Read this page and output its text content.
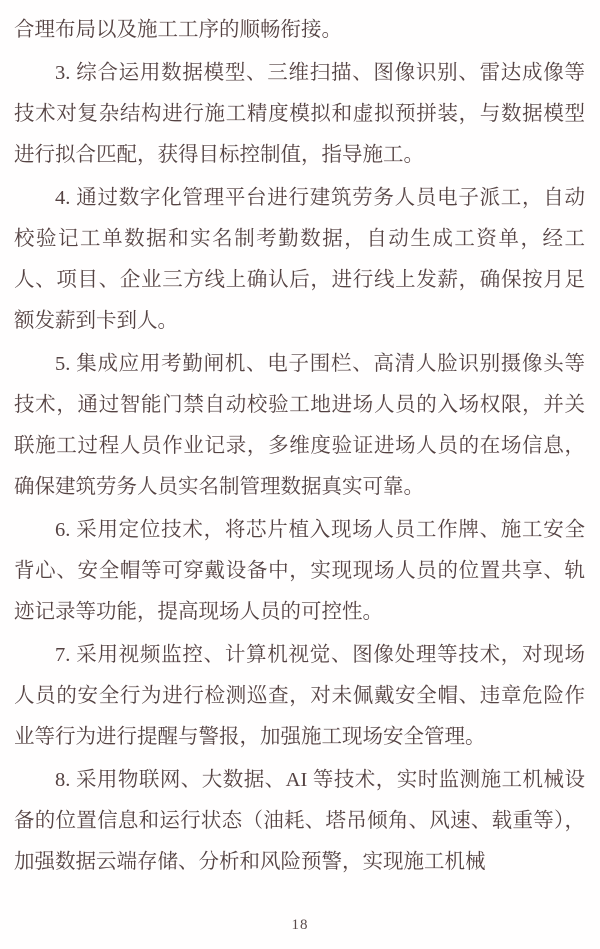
合理布局以及施工工序的顺畅衔接。

3. 综合运用数据模型、三维扫描、图像识别、雷达成像等技术对复杂结构进行施工精度模拟和虚拟预拼装，与数据模型进行拟合匹配，获得目标控制值，指导施工。

4. 通过数字化管理平台进行建筑劳务人员电子派工，自动校验记工单数据和实名制考勤数据，自动生成工资单，经工人、项目、企业三方线上确认后，进行线上发薪，确保按月足额发薪到卡到人。

5. 集成应用考勤闸机、电子围栏、高清人脸识别摄像头等技术，通过智能门禁自动校验工地进场人员的入场权限，并关联施工过程人员作业记录，多维度验证进场人员的在场信息，确保建筑劳务人员实名制管理数据真实可靠。

6. 采用定位技术，将芯片植入现场人员工作牌、施工安全背心、安全帽等可穿戴设备中，实现现场人员的位置共享、轨迹记录等功能，提高现场人员的可控性。

7. 采用视频监控、计算机视觉、图像处理等技术，对现场人员的安全行为进行检测巡查，对未佩戴安全帽、违章危险作业等行为进行提醒与警报，加强施工现场安全管理。

8. 采用物联网、大数据、AI 等技术，实时监测施工机械设备的位置信息和运行状态（油耗、塔吊倾角、风速、载重等），加强数据云端存储、分析和风险预警，实现施工机械

18
